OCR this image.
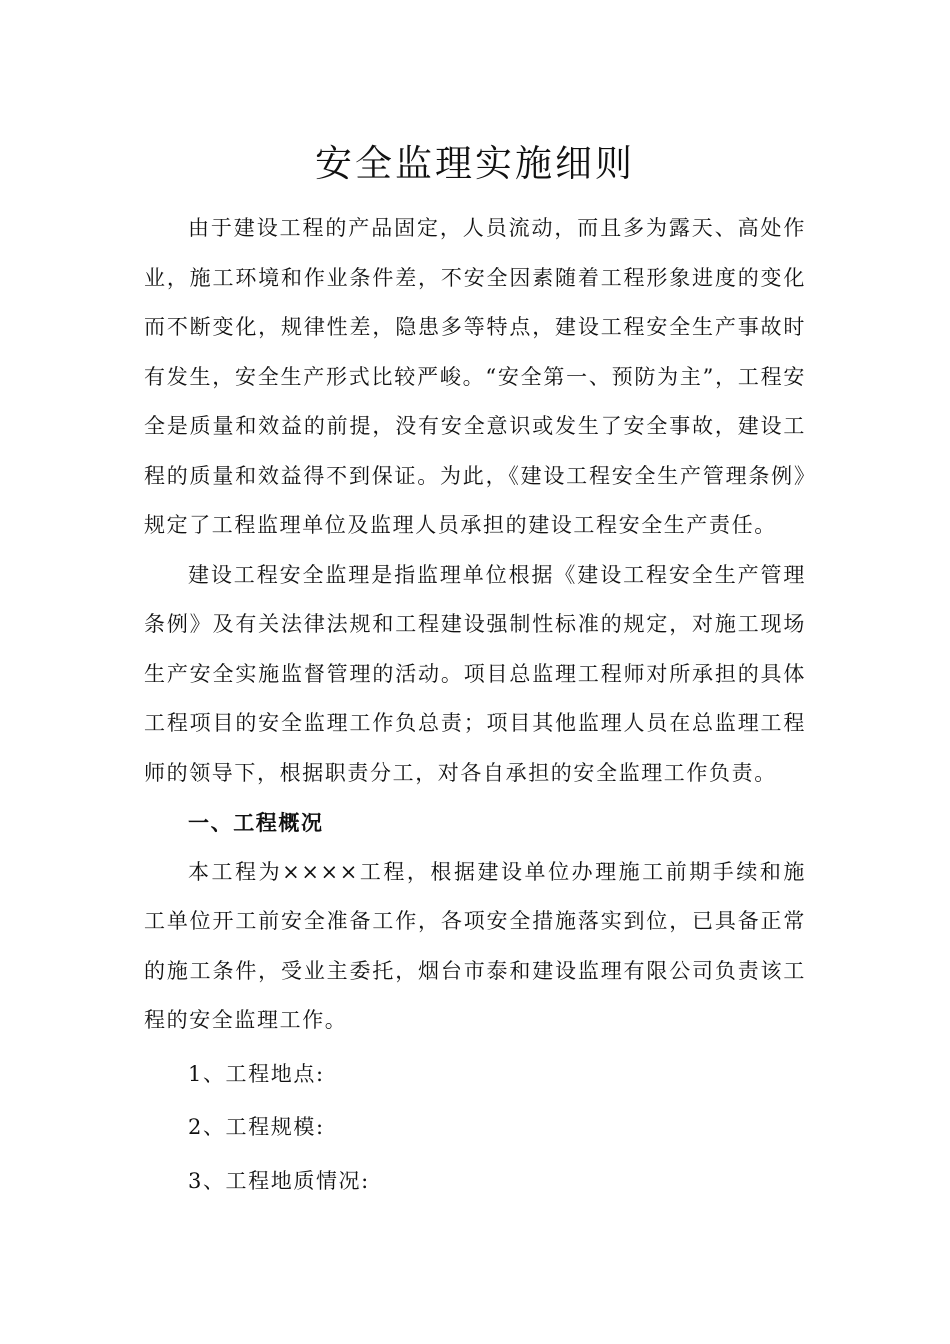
安全监理实施细则

由于建设工程的产品固定，人员流动，而且多为露天、高处作业，施工环境和作业条件差，不安全因素随着工程形象进度的变化而不断变化，规律性差，隐患多等特点，建设工程安全生产事故时有发生，安全生产形式比较严峻。“安全第一、预防为主”，工程安全是质量和效益的前提，没有安全意识或发生了安全事故，建设工程的质量和效益得不到保证。为此，《建设工程安全生产管理条例》规定了工程监理单位及监理人员承担的建设工程安全生产责任。

建设工程安全监理是指监理单位根据《建设工程安全生产管理条例》及有关法律法规和工程建设强制性标准的规定，对施工现场生产安全实施监督管理的活动。项目总监理工程师对所承担的具体工程项目的安全监理工作负总责；项目其他监理人员在总监理工程师的领导下，根据职责分工，对各自承担的安全监理工作负责。

一、工程概况

本工程为××××工程，根据建设单位办理施工前期手续和施工单位开工前安全准备工作，各项安全措施落实到位，已具备正常的施工条件，受业主委托，烟台市泰和建设监理有限公司负责该工程的安全监理工作。

1、工程地点:

2、工程规模:

3、工程地质情况:
